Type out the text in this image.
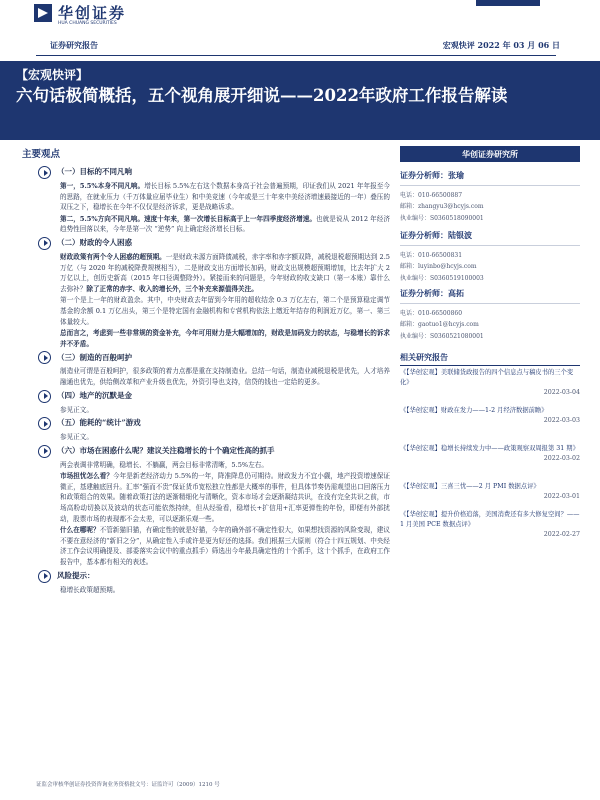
华创证券
HUA CHUANG SECURITIES
证券研究报告	宏观快评 2022 年 03 月 06 日
【宏观快评】
六句话极简概括，五个视角展开细说——2022年政府工作报告解读
主要观点
（一）目标的不同凡响
第一，5.5%本身不同凡响。增长目标 5.5%左右这个数据本身高于社会普遍预期，印证我们从 2021 年年报至今的思路，在就业压力（千万体量应届毕业生）和中美竞速（今年或是三十年来中美经济增速最接近的一年）叠压的双压之下，稳增长在今年不仅仅是经济诉求，更是战略诉求。
第二，5.5%方向不同凡响。速度十年来，第一次增长目标高于上一年四季度经济增速。也就是说从 2012 年经济趋势性回落以来，今年是第一次 “逆势” 向上确定经济增长目标。
（二）财政的令人困惑
财政政策有两个令人困惑的超预期。一是财政未源方面降债减税，赤字率和赤字额双降，减税退税超预期达到 2.5 万亿（与 2020 年的减税降费规模相当），二是财政支出方面增长加码，财政支出规模超预期增加，比去年扩大 2 万亿以上，创历史新高（2015 年口径调整除外）。紧接而来的问题是，今年财政的收支缺口（第一本账）靠什么去弥补？除了正常的赤字、收入的增长外，三个补充来源值得关注。
第一个是上一年的财政盈余。其中，中央财政去年留到今年用的超收结余 0.3 万亿左右，第二个是预算稳定调节基金的余额 0.1 万亿出头，第三个是特定国有金融机构和专营机构依法上缴近年结存的利润近万亿，第一、第三体量较大。
总而言之，考虑到一些非常规的资金补充，今年可用财力是大幅增加的，财政是加码发力的状态，与稳增长的诉求并不矛盾。
（三）制造的百般呵护
制造业可谓是百般呵护，很多政策的着力点都是重在支持制造业。总结一句话，制造业减税退税是优先，人才培养融通也优先，供给侧改革和产业升级也优先，外资引导也支持，信贷的钱也一定给的更多。
（四）地产的沉默是金
参见正文。
（五）能耗的“统计”游戏
参见正文。
（六）市场在困惑什么呢？建议关注稳增长的十个确定性高的抓手
两会表调非常明确，稳增长、不躺赢，两会目标非常清晰，5.5%左右。
市场担忧怎么看？今年是新老经济动力 5.5%的一年，降准降息仍可期待。财政发力不宜小觑，地产投资增速保证微正，基建触底回升。汇率“强而不贵”保证货币宽松独立性都是大概率的事件，但具体节奏仍需观望出口回落压力和政策组合的效果。随着政策打法的逐渐精细化与清晰化，资本市场才会逐渐凝结共识，在没有完全共识之前，市场高粉动切换以及波动的状态可能依然持续，但从经验看，稳增长+扩信用+汇率更弹性的年份，即便有外部扰动，股票市场的表现都不会太差，可以逐渐乐观一些。
什么在哪呢？不管新猫旧猫，有确定性的就是好猫，今年的确外部不确定性很大，如果想找资源的风险变现，建议不要在意经济的“新旧之分”，从确定性入手或许是更为好还的选择。我们根据三大原则（符合十四五规划、中央经济工作会议明确提及、部委落实会议中的重点抓手）筛选出今年最具确定性的十个抓手，这十个抓手，在政府工作报告中，基本都有相关的表述。
风险提示：
稳增长政策超预期。
华创证券研究所
证券分析师：张瑜
电话：010-66500887
邮箱：zhangyu3@hcyjs.com
执业编号：S0360518090001
证券分析师：陆银波
电话：010-66500831
邮箱：luyinbo@hcyjs.com
执业编号：S0360519100003
证券分析师：高拓
电话：010-66500860
邮箱：gaotuo1@hcyjs.com
执业编号：S0360521080001
相关研究报告
《【华创宏观】美联储货政报告的四个信息点与稿皮书的三个变化》
2022-03-04
《【华创宏观】财政在发力——1-2 月经济数据前瞻》
2022-03-03
《【华创宏观】稳增长持续发力中——政策观察双周报第 31 期》
2022-03-02
《【华创宏观】三喜三忧——2 月 PMI 数据点评》
2022-03-01
《【华创宏观】提升价格追落，美国消费还有多大修复空间？——1 月美国 PCE 数据点评》
2022-02-27
证监会审核华创证券投资咨询业务资格批文号：证监许可（2009）1210 号
